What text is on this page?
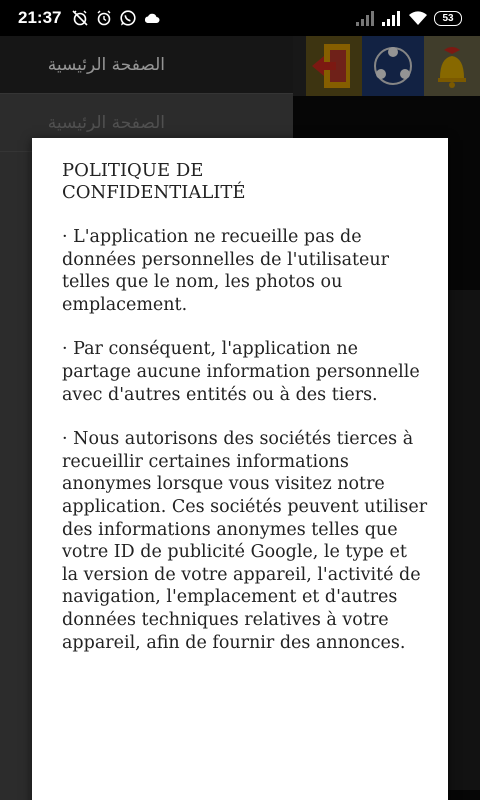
21:37	53
الصفحة الرئيسية
الصفحة الرئيسية

POLITIQUE DE CONFIDENTIALITÉ

· L'application ne recueille pas de données personnelles de l'utilisateur telles que le nom, les photos ou emplacement.

· Par conséquent, l'application ne partage aucune information personnelle avec d'autres entités ou à des tiers.

· Nous autorisons des sociétés tierces à recueillir certaines informations anonymes lorsque vous visitez notre application. Ces sociétés peuvent utiliser des informations anonymes telles que votre ID de publicité Google, le type et la version de votre appareil, l'activité de navigation, l'emplacement et d'autres données techniques relatives à votre appareil, afin de fournir des annonces.
